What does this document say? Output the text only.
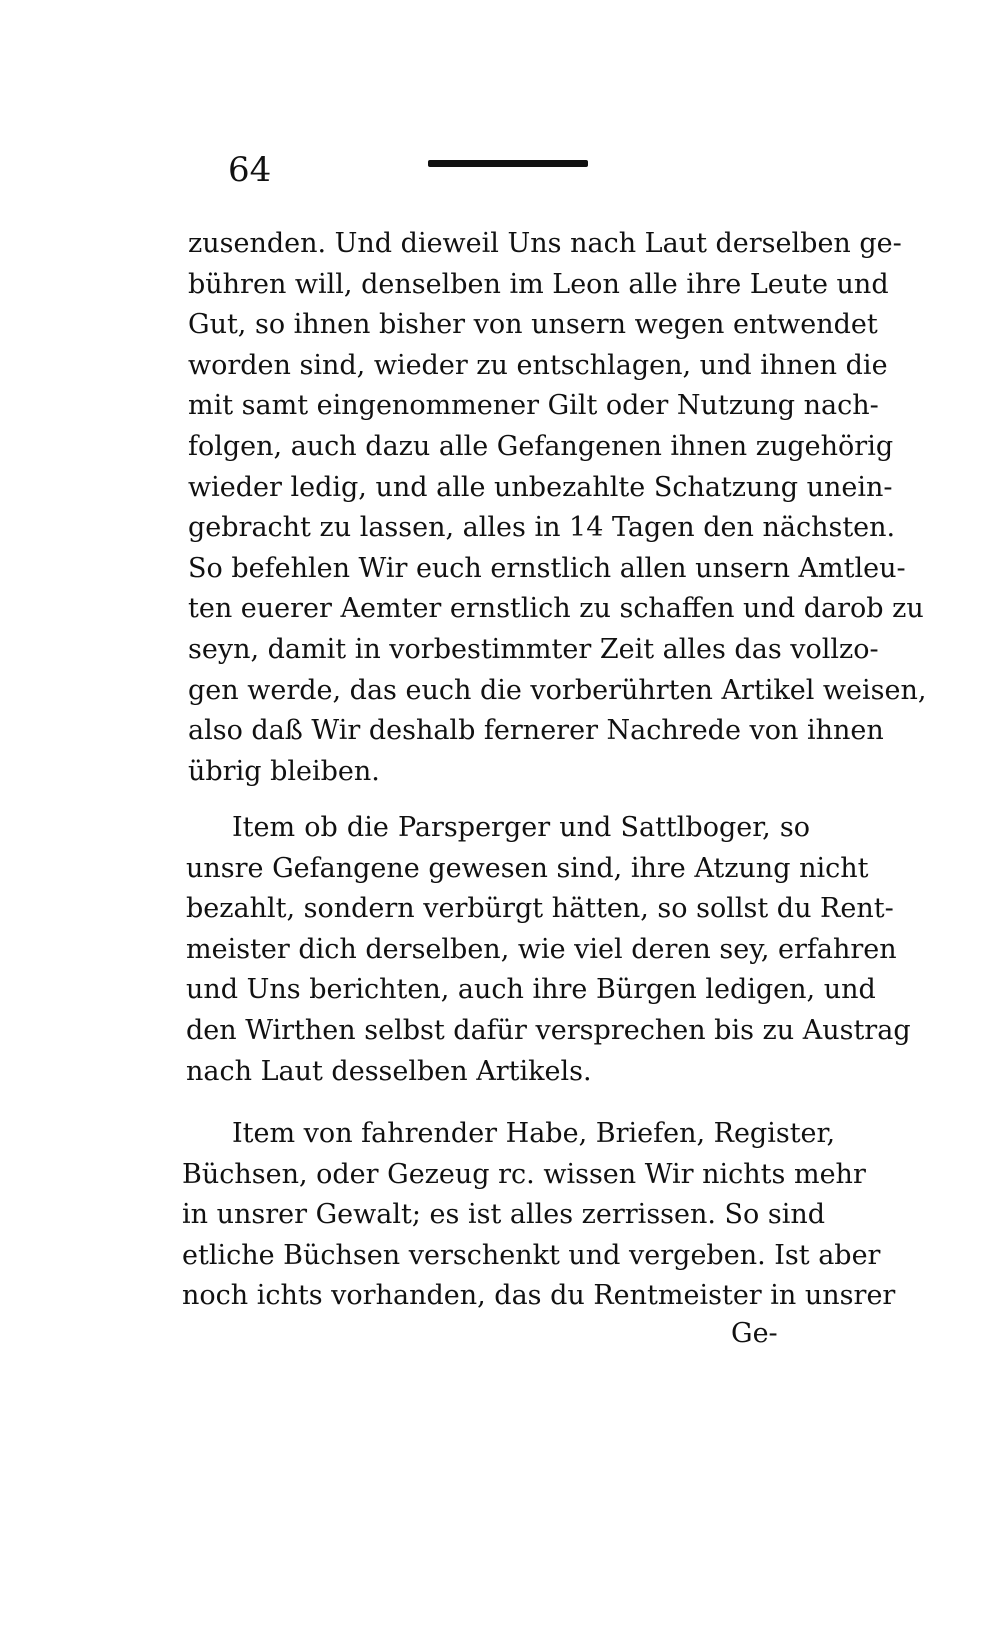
64
zusenden. Und dieweil Uns nach Laut derselben ge-
bühren will, denselben im Leon alle ihre Leute und
Gut, so ihnen bisher von unsern wegen entwendet
worden sind, wieder zu entschlagen, und ihnen die
mit samt eingenommener Gilt oder Nutzung nach-
folgen, auch dazu alle Gefangenen ihnen zugehörig
wieder ledig, und alle unbezahlte Schatzung unein-
gebracht zu lassen, alles in 14 Tagen den nächsten.
So befehlen Wir euch ernstlich allen unsern Amtleu-
ten euerer Aemter ernstlich zu schaffen und darob zu
seyn, damit in vorbestimmter Zeit alles das vollzo-
gen werde, das euch die vorberührten Artikel weisen,
also daß Wir deshalb fernerer Nachrede von ihnen
übrig bleiben.
Item ob die Parsperger und Sattlboger, so
unsre Gefangene gewesen sind, ihre Atzung nicht
bezahlt, sondern verbürgt hätten, so sollst du Rent-
meister dich derselben, wie viel deren sey, erfahren
und Uns berichten, auch ihre Bürgen ledigen, und
den Wirthen selbst dafür versprechen bis zu Austrag
nach Laut desselben Artikels.
Item von fahrender Habe, Briefen, Register,
Büchsen, oder Gezeug rc. wissen Wir nichts mehr
in unsrer Gewalt; es ist alles zerrissen. So sind
etliche Büchsen verschenkt und vergeben. Ist aber
noch ichts vorhanden, das du Rentmeister in unsrer
Ge-
